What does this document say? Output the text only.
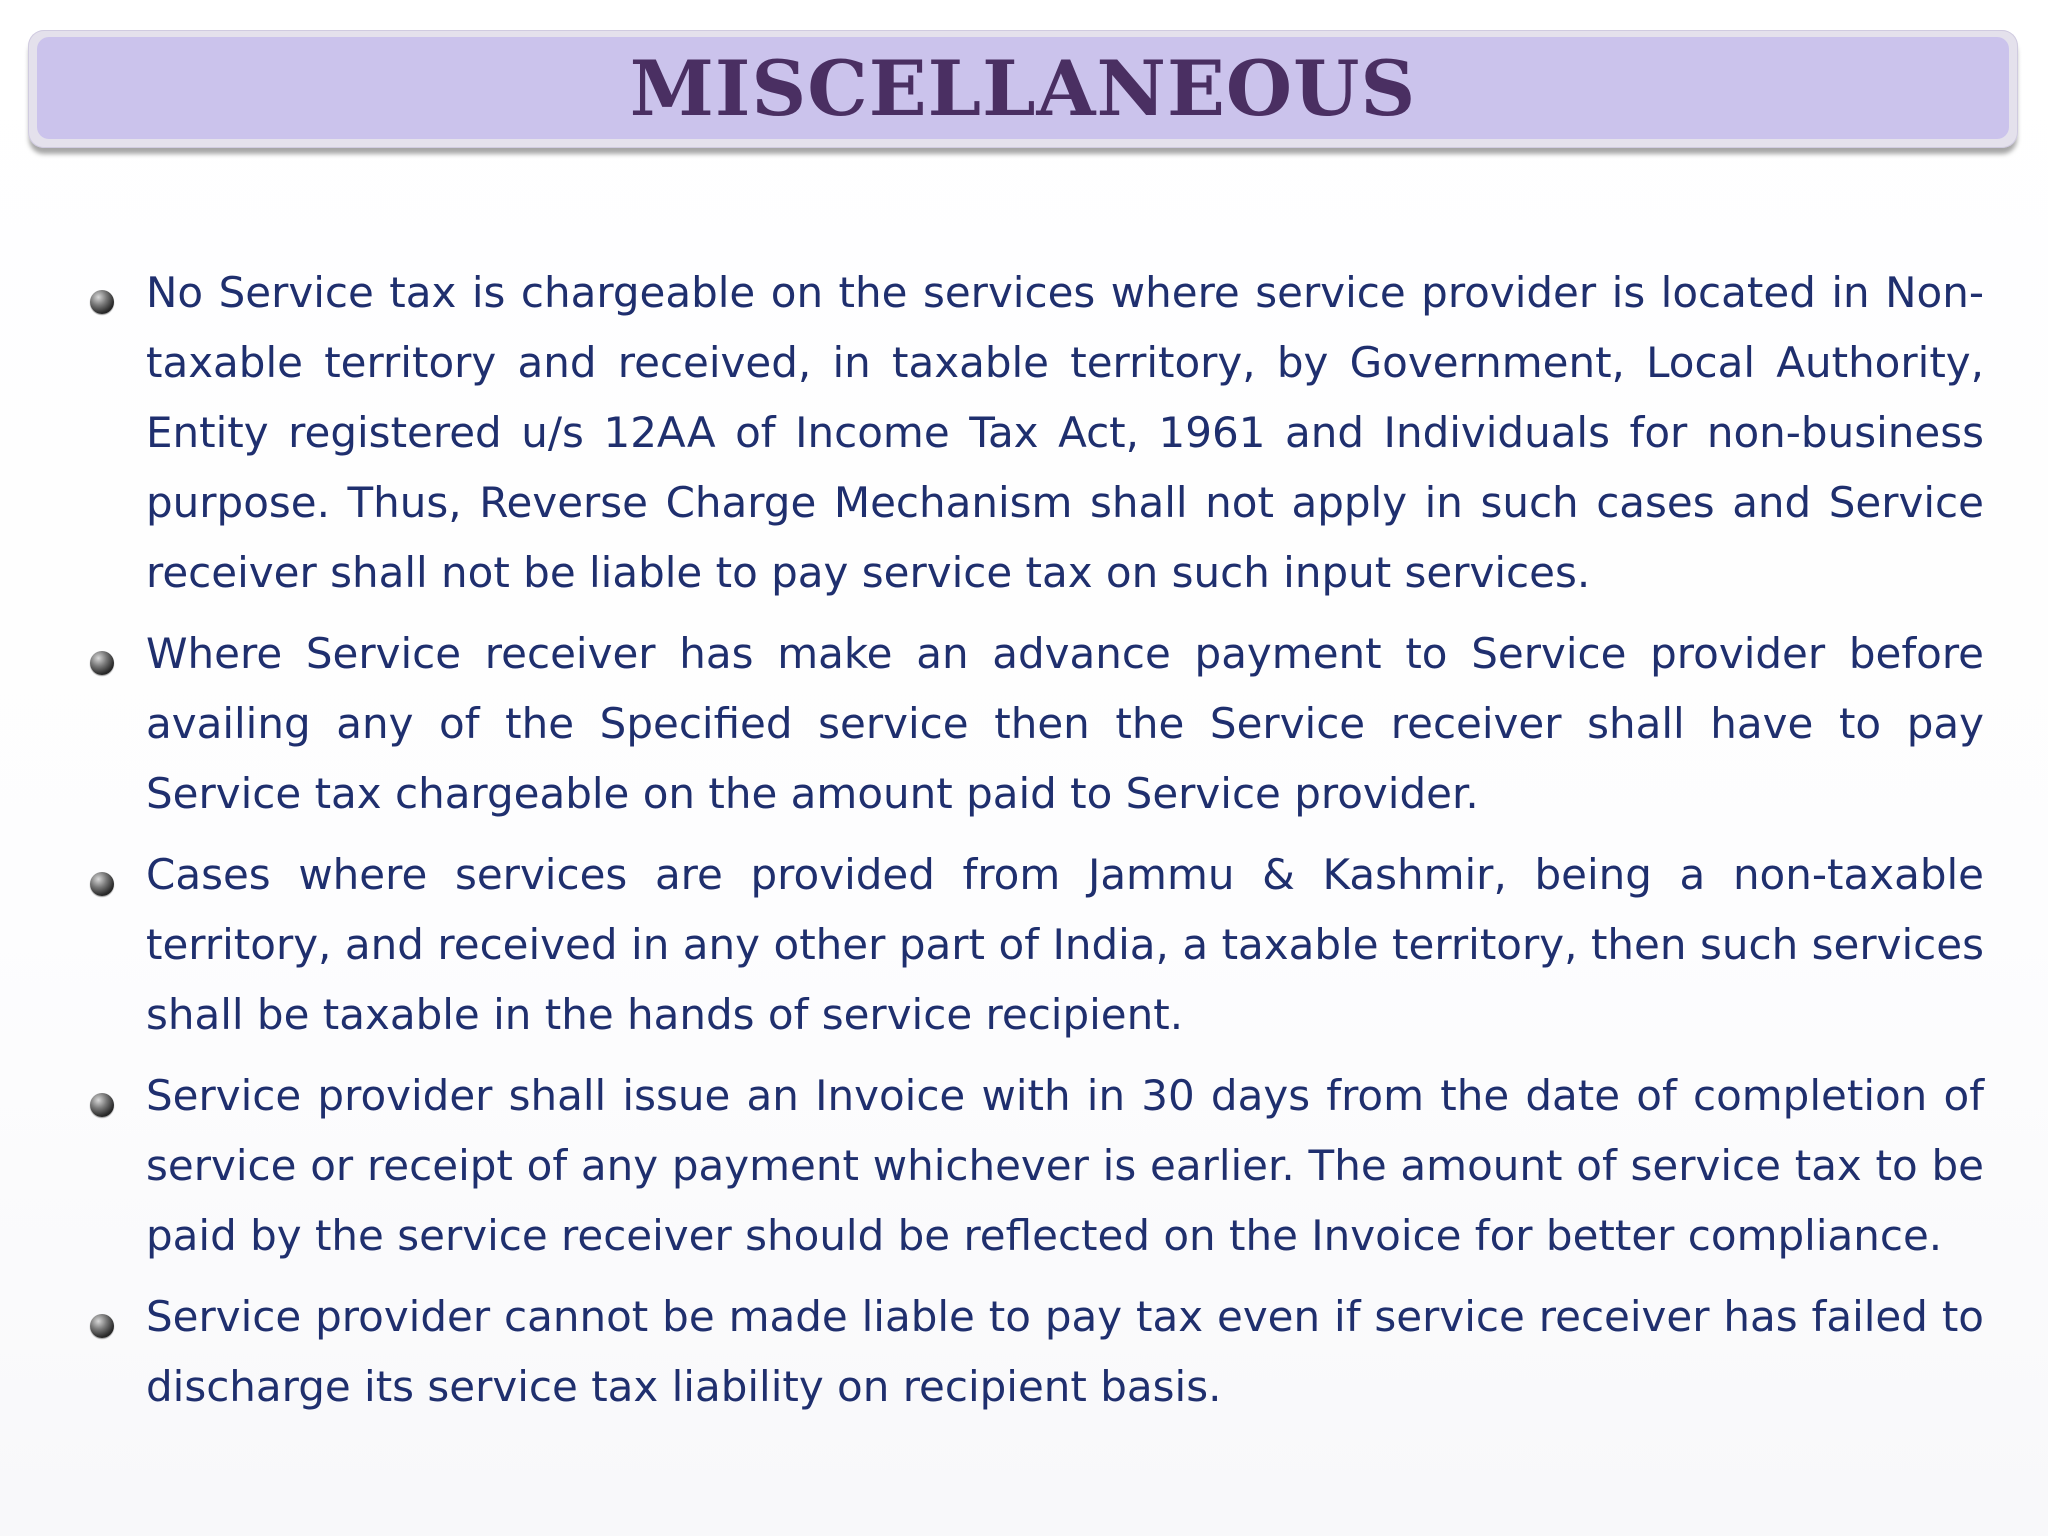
MISCELLANEOUS
No Service tax is chargeable on the services where service provider is located in Non-taxable territory and received, in taxable territory, by Government, Local Authority, Entity registered u/s 12AA of Income Tax Act, 1961 and Individuals for non-business purpose. Thus, Reverse Charge Mechanism shall not apply in such cases and Service receiver shall not be liable to pay service tax on such input services.
Where Service receiver has make an advance payment to Service provider before availing any of the Specified service then the Service receiver shall have to pay Service tax chargeable on the amount paid to Service provider.
Cases where services are provided from Jammu & Kashmir, being a non-taxable territory, and received in any other part of India, a taxable territory, then such services shall be taxable in the hands of service recipient.
Service provider shall issue an Invoice with in 30 days from the date of completion of service or receipt of any payment whichever is earlier. The amount of service tax to be paid by the service receiver should be reflected on the Invoice for better compliance.
Service provider cannot be made liable to pay tax even if service receiver has failed to discharge its service tax liability on recipient basis.
